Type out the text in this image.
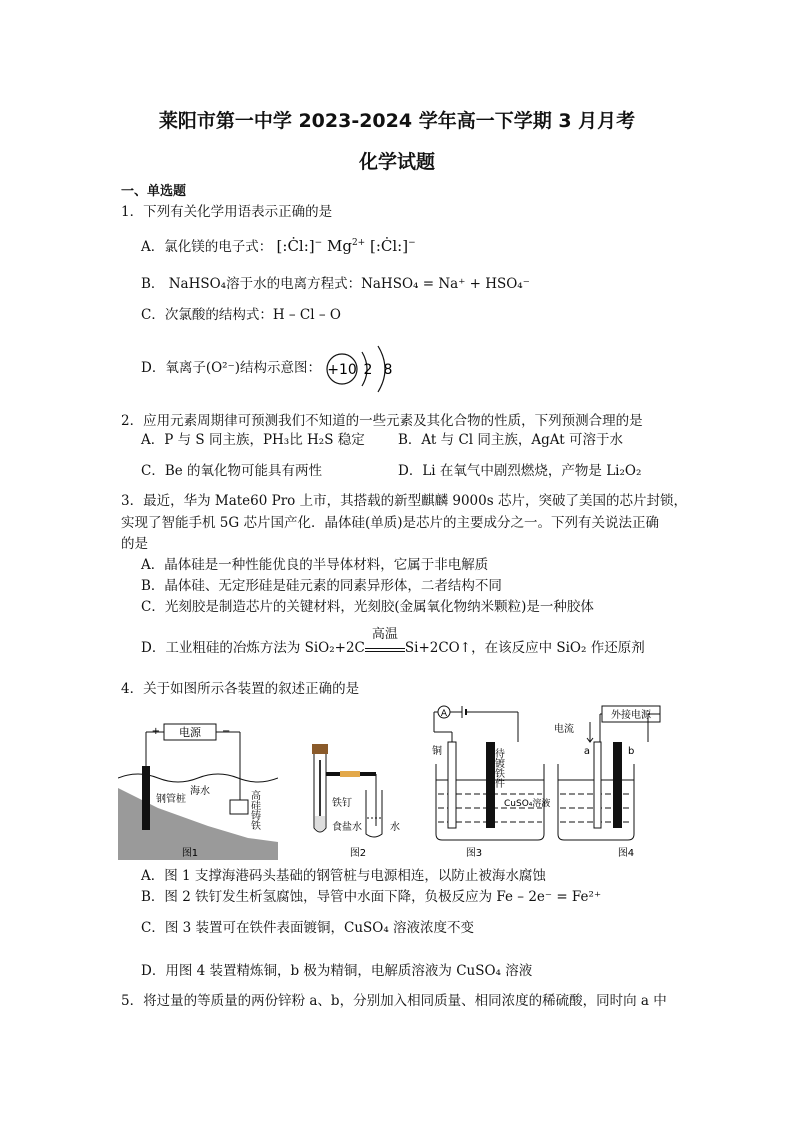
莱阳市第一中学 2023-2024 学年高一下学期 3 月月考
化学试题
一、单选题
1．下列有关化学用语表示正确的是
A．氯化镁的电子式： [:Ċl:]− $Mg^{2+}$ [:Ċl:]−
B． NaHSO₄溶于水的电离方程式：NaHSO₄ = Na⁺ + HSO₄⁻
C．次氯酸的结构式：H – Cl – O
D．氧离子(O²⁻)结构示意图： +10 2 8
2．应用元素周期律可预测我们不知道的一些元素及其化合物的性质，下列预测合理的是
A．P 与 S 同主族，PH₃比 H₂S 稳定 B．At 与 Cl 同主族，AgAt 可溶于水
C．Be 的氧化物可能具有两性	D．Li 在氧气中剧烈燃烧，产物是 Li₂O₂
3．最近，华为 Mate60 Pro 上市，其搭载的新型麒麟 9000s 芯片，突破了美国的芯片封锁，
实现了智能手机 5G 芯片国产化．晶体硅(单质)是芯片的主要成分之一。下列有关说法正确
的是
A．晶体硅是一种性能优良的半导体材料，它属于非电解质
B．晶体硅、无定形硅是硅元素的同素异形体，二者结构不同
C．光刻胶是制造芯片的关键材料，光刻胶(金属氧化物纳米颗粒)是一种胶体
D．工业粗硅的冶炼方法为 SiO₂+2C
高温
Si+2CO↑，在该反应中 SiO₂ 作还原剂
4．关于如图所示各装置的叙述正确的是
电源
+	−
钢管桩
海水	高硅铸铁
图1
铁钉
食盐水	水
图2
A
铜	待镀铁件
CuSO₄溶液
图3
电流
外接电源
a	b
图4
A．图 1 支撑海港码头基础的钢管桩与电源相连，以防止被海水腐蚀
B．图 2 铁钉发生析氢腐蚀，导管中水面下降，负极反应为 Fe – 2e⁻ = Fe²⁺
C．图 3 装置可在铁件表面镀铜，CuSO₄ 溶液浓度不变
D．用图 4 装置精炼铜，b 极为精铜，电解质溶液为 CuSO₄ 溶液
5．将过量的等质量的两份锌粉 a、b，分别加入相同质量、相同浓度的稀硫酸，同时向 a 中
